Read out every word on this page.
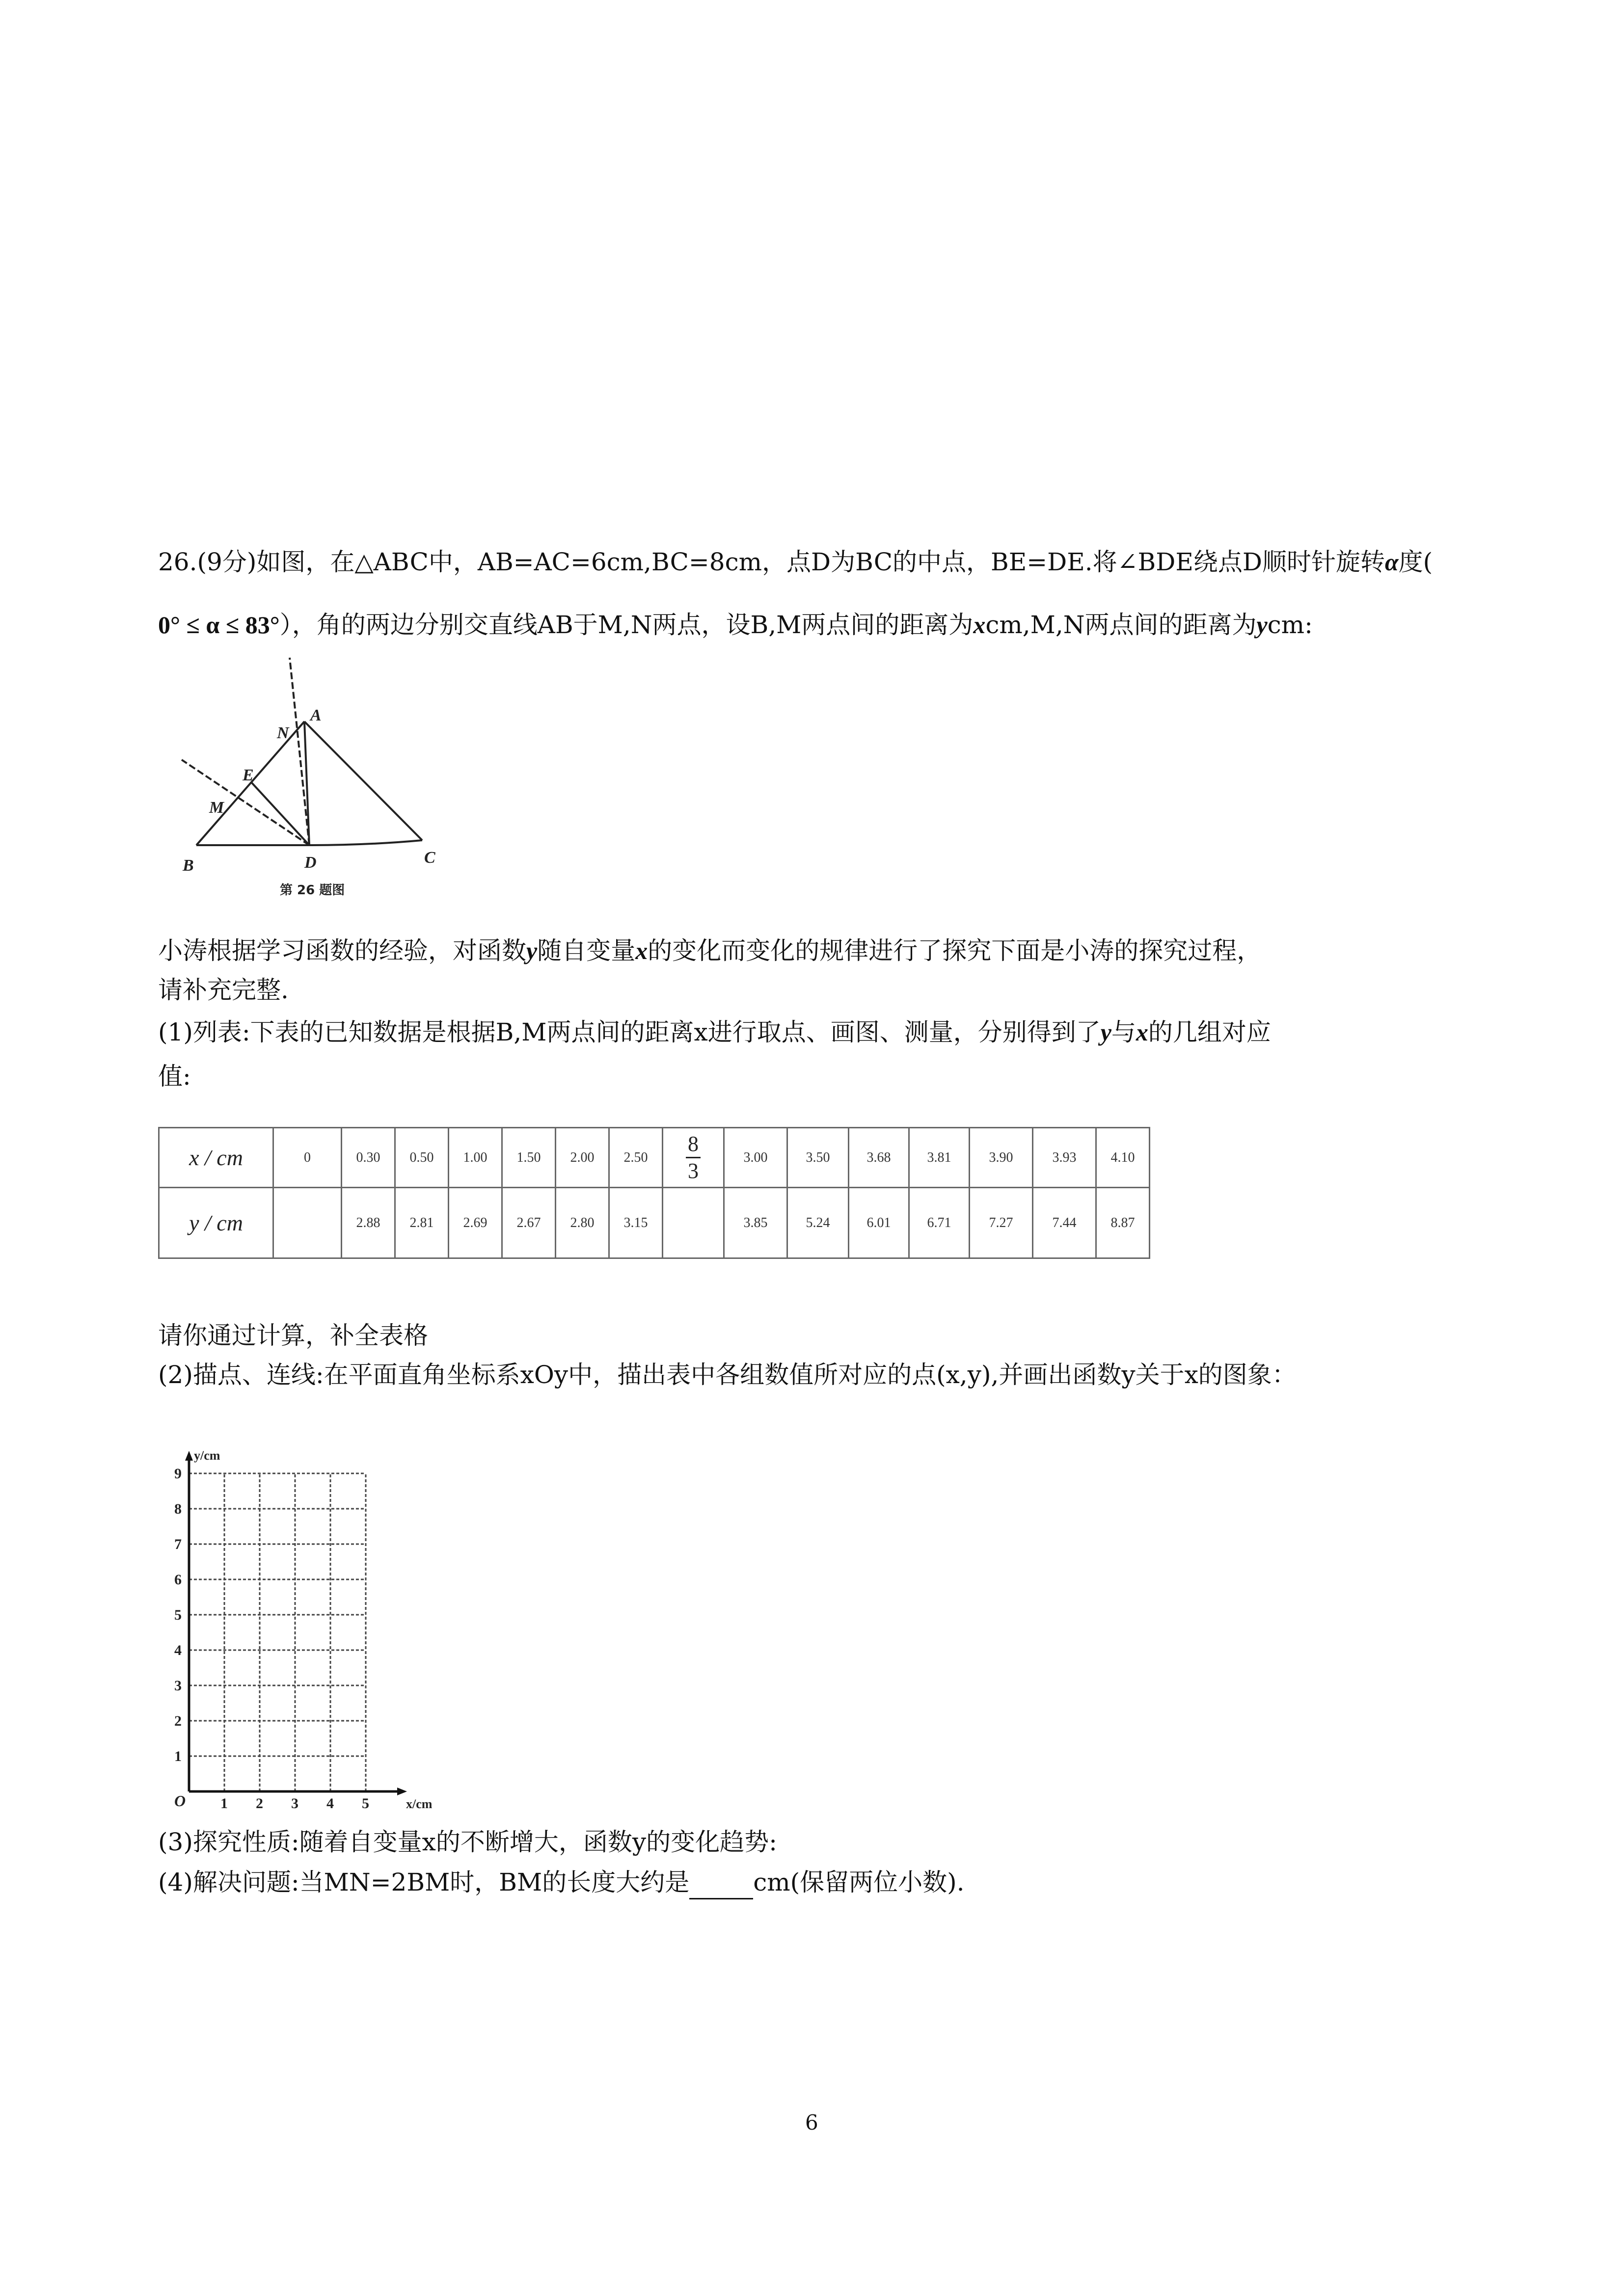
26.(9分)如图，在△ABC中，AB=AC=6cm,BC=8cm，点D为BC的中点，BE=DE.将∠BDE绕点D顺时针旋转α度(
0° ≤ α ≤ 83°），角的两边分别交直线AB于M,N两点，设B,M两点间的距离为xcm,M,N两点间的距离为ycm:
A
B	C
D
E
M
N
第 26 题图
小涛根据学习函数的经验，对函数y随自变量x的变化而变化的规律进行了探究下面是小涛的探究过程，
请补充完整.
(1)列表:下表的已知数据是根据B,M两点间的距离x进行取点、画图、测量，分别得到了y与x的几组对应
值:
x / cm	0	0.30	0.50	1.00	1.50	2.00	2.50	$\frac{8}{3}$	3.00	3.50	3.68	3.81	3.90	3.93	4.10
y / cm		2.88	2.81	2.69	2.67	2.80	3.15		3.85	5.24	6.01	6.71	7.27	7.44	8.87
请你通过计算，补全表格
(2)描点、连线:在平面直角坐标系xOy中，描出表中各组数值所对应的点(x,y),并画出函数y关于x的图象：
1 2 3 4 5
1
2
3
4
5
6
7
8
9
y/cm
x/cm
O
(3)探究性质:随着自变量x的不断增大，函数y的变化趋势:
(4)解决问题:当MN=2BM时，BM的长度大约是	cm(保留两位小数).
6
